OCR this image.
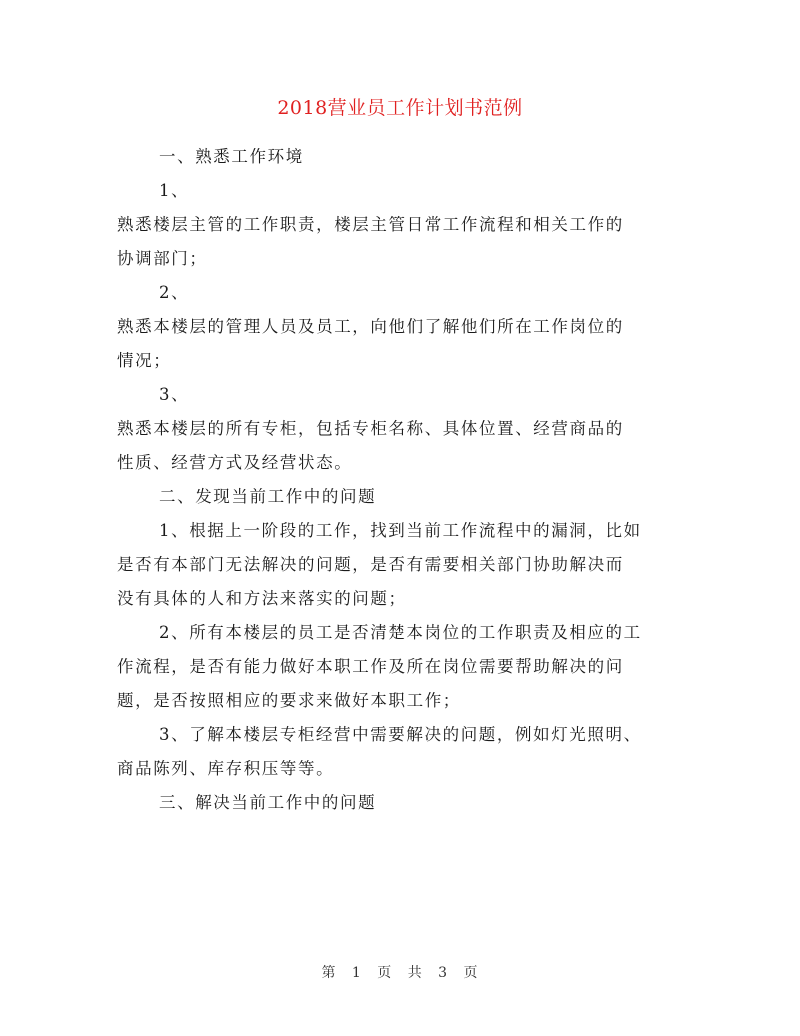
2018营业员工作计划书范例
一、熟悉工作环境
1、
熟悉楼层主管的工作职责，楼层主管日常工作流程和相关工作的
协调部门；
2、
熟悉本楼层的管理人员及员工，向他们了解他们所在工作岗位的
情况；
3、
熟悉本楼层的所有专柜，包括专柜名称、具体位置、经营商品的
性质、经营方式及经营状态。
二、发现当前工作中的问题
1、根据上一阶段的工作，找到当前工作流程中的漏洞，比如
是否有本部门无法解决的问题，是否有需要相关部门协助解决而
没有具体的人和方法来落实的问题；
2、所有本楼层的员工是否清楚本岗位的工作职责及相应的工
作流程，是否有能力做好本职工作及所在岗位需要帮助解决的问
题，是否按照相应的要求来做好本职工作；
3、了解本楼层专柜经营中需要解决的问题，例如灯光照明、
商品陈列、库存积压等等。
三、解决当前工作中的问题
第 1 页 共 3 页
